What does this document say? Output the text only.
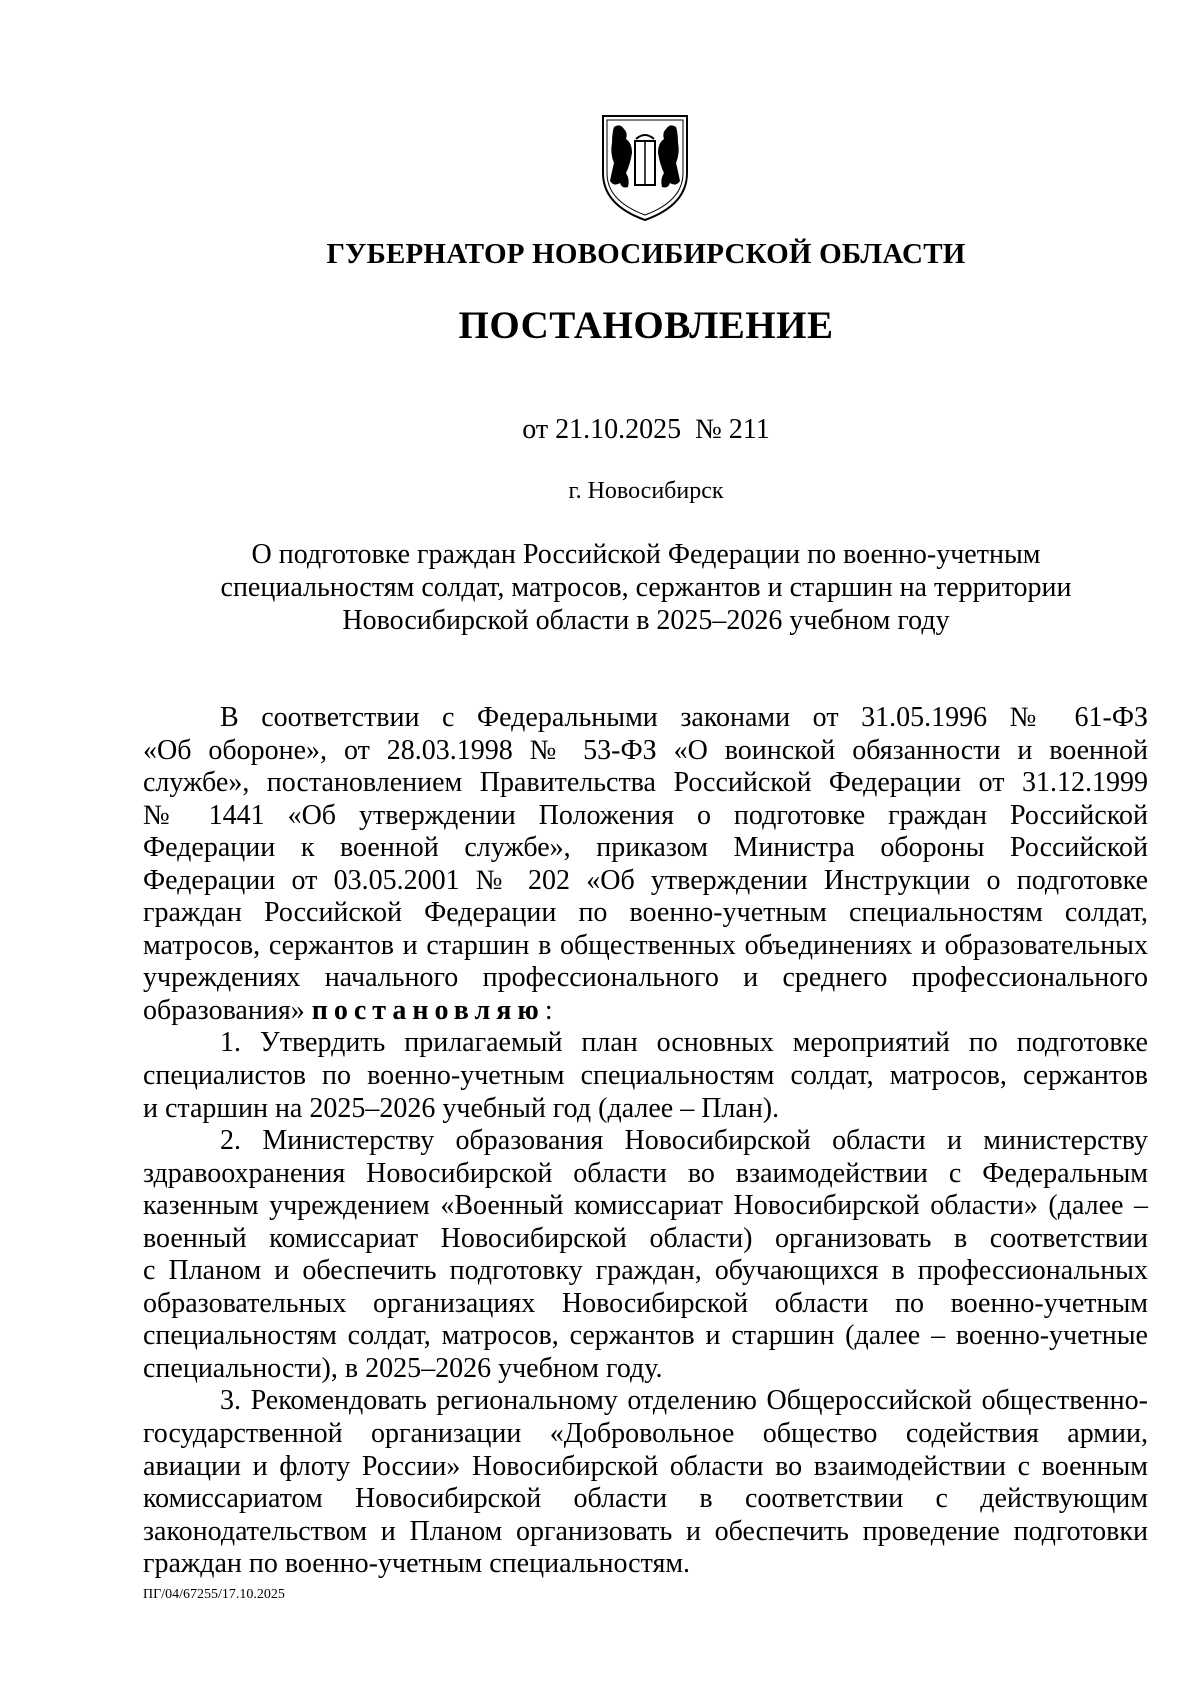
ГУБЕРНАТОР НОВОСИБИРСКОЙ ОБЛАСТИ
ПОСТАНОВЛЕНИЕ
от 21.10.2025  № 211
г. Новосибирск
О подготовке граждан Российской Федерации по военно-учетным
специальностям солдат, матросов, сержантов и старшин на территории
Новосибирской области в 2025–2026 учебном году
В соответствии с Федеральными законами от 31.05.1996 № 61-ФЗ
«Об обороне», от 28.03.1998 № 53-ФЗ «О воинской обязанности и военной
службе», постановлением Правительства Российской Федерации от 31.12.1999
№ 1441 «Об утверждении Положения о подготовке граждан Российской
Федерации к военной службе», приказом Министра обороны Российской
Федерации от 03.05.2001 № 202 «Об утверждении Инструкции о подготовке
граждан Российской Федерации по военно-учетным специальностям солдат,
матросов, сержантов и старшин в общественных объединениях и образовательных
учреждениях начального профессионального и среднего профессионального
образования» постановляю:
1. Утвердить прилагаемый план основных мероприятий по подготовке
специалистов по военно-учетным специальностям солдат, матросов, сержантов
и старшин на 2025–2026 учебный год (далее – План).
2. Министерству образования Новосибирской области и министерству
здравоохранения Новосибирской области во взаимодействии с Федеральным
казенным учреждением «Военный комиссариат Новосибирской области» (далее –
военный комиссариат Новосибирской области) организовать в соответствии
с Планом и обеспечить подготовку граждан, обучающихся в профессиональных
образовательных организациях Новосибирской области по военно-учетным
специальностям солдат, матросов, сержантов и старшин (далее – военно-учетные
специальности), в 2025–2026 учебном году.
3. Рекомендовать региональному отделению Общероссийской общественно-
государственной организации «Добровольное общество содействия армии,
авиации и флоту России» Новосибирской области во взаимодействии с военным
комиссариатом Новосибирской области в соответствии с действующим
законодательством и Планом организовать и обеспечить проведение подготовки
граждан по военно-учетным специальностям.
ПГ/04/67255/17.10.2025
